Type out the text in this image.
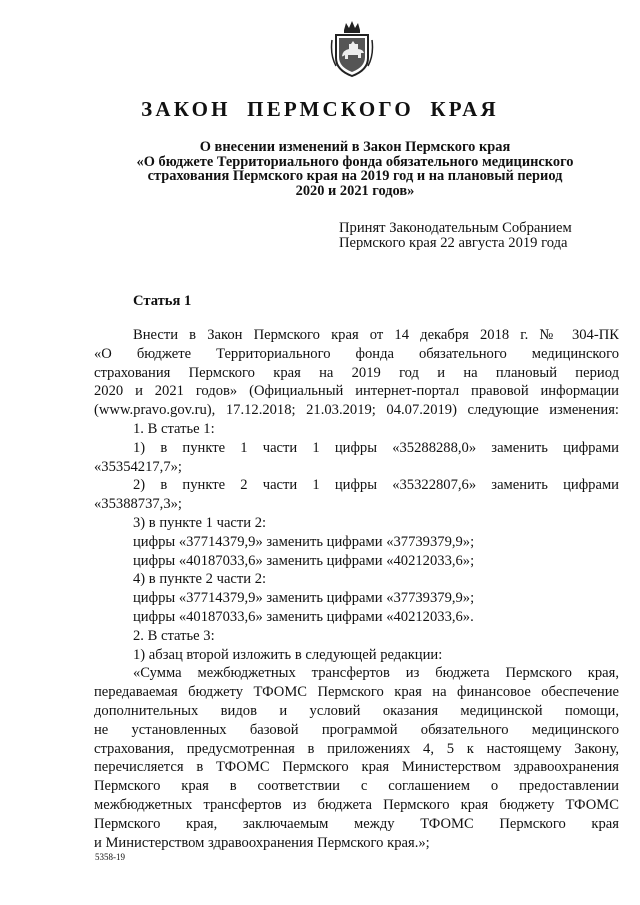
ЗАКОН ПЕРМСКОГО КРАЯ
О внесении изменений в Закон Пермского края
«О бюджете Территориального фонда обязательного медицинского
страхования Пермского края на 2019 год и на плановый период
2020 и 2021 годов»
Принят Законодательным Собранием
Пермского края 22 августа 2019 года
Статья 1

Внести в Закон Пермского края от 14 декабря 2018 г. № 304-ПК

«О бюджете Территориального фонда обязательного медицинского

страхования Пермского края на 2019 год и на плановый период

2020 и 2021 годов» (Официальный интернет-портал правовой информации

(www.pravo.gov.ru), 17.12.2018; 21.03.2019; 04.07.2019) следующие изменения:

1. В статье 1:

1) в пункте 1 части 1 цифры «35288288,0» заменить цифрами

«35354217,7»;

2) в пункте 2 части 1 цифры «35322807,6» заменить цифрами

«35388737,3»;

3) в пункте 1 части 2:

цифры «37714379,9» заменить цифрами «37739379,9»;

цифры «40187033,6» заменить цифрами «40212033,6»;

4) в пункте 2 части 2:

цифры «37714379,9» заменить цифрами «37739379,9»;

цифры «40187033,6» заменить цифрами «40212033,6».

2. В статье 3:

1) абзац второй изложить в следующей редакции:

«Сумма межбюджетных трансфертов из бюджета Пермского края,

передаваемая бюджету ТФОМС Пермского края на финансовое обеспечение

дополнительных видов и условий оказания медицинской помощи,

не установленных базовой программой обязательного медицинского

страхования, предусмотренная в приложениях 4, 5 к настоящему Закону,

перечисляется в ТФОМС Пермского края Министерством здравоохранения

Пермского края в соответствии с соглашением о предоставлении

межбюджетных трансфертов из бюджета Пермского края бюджету ТФОМС

Пермского края, заключаемым между ТФОМС Пермского края

и Министерством здравоохранения Пермского края.»;

5358-19
